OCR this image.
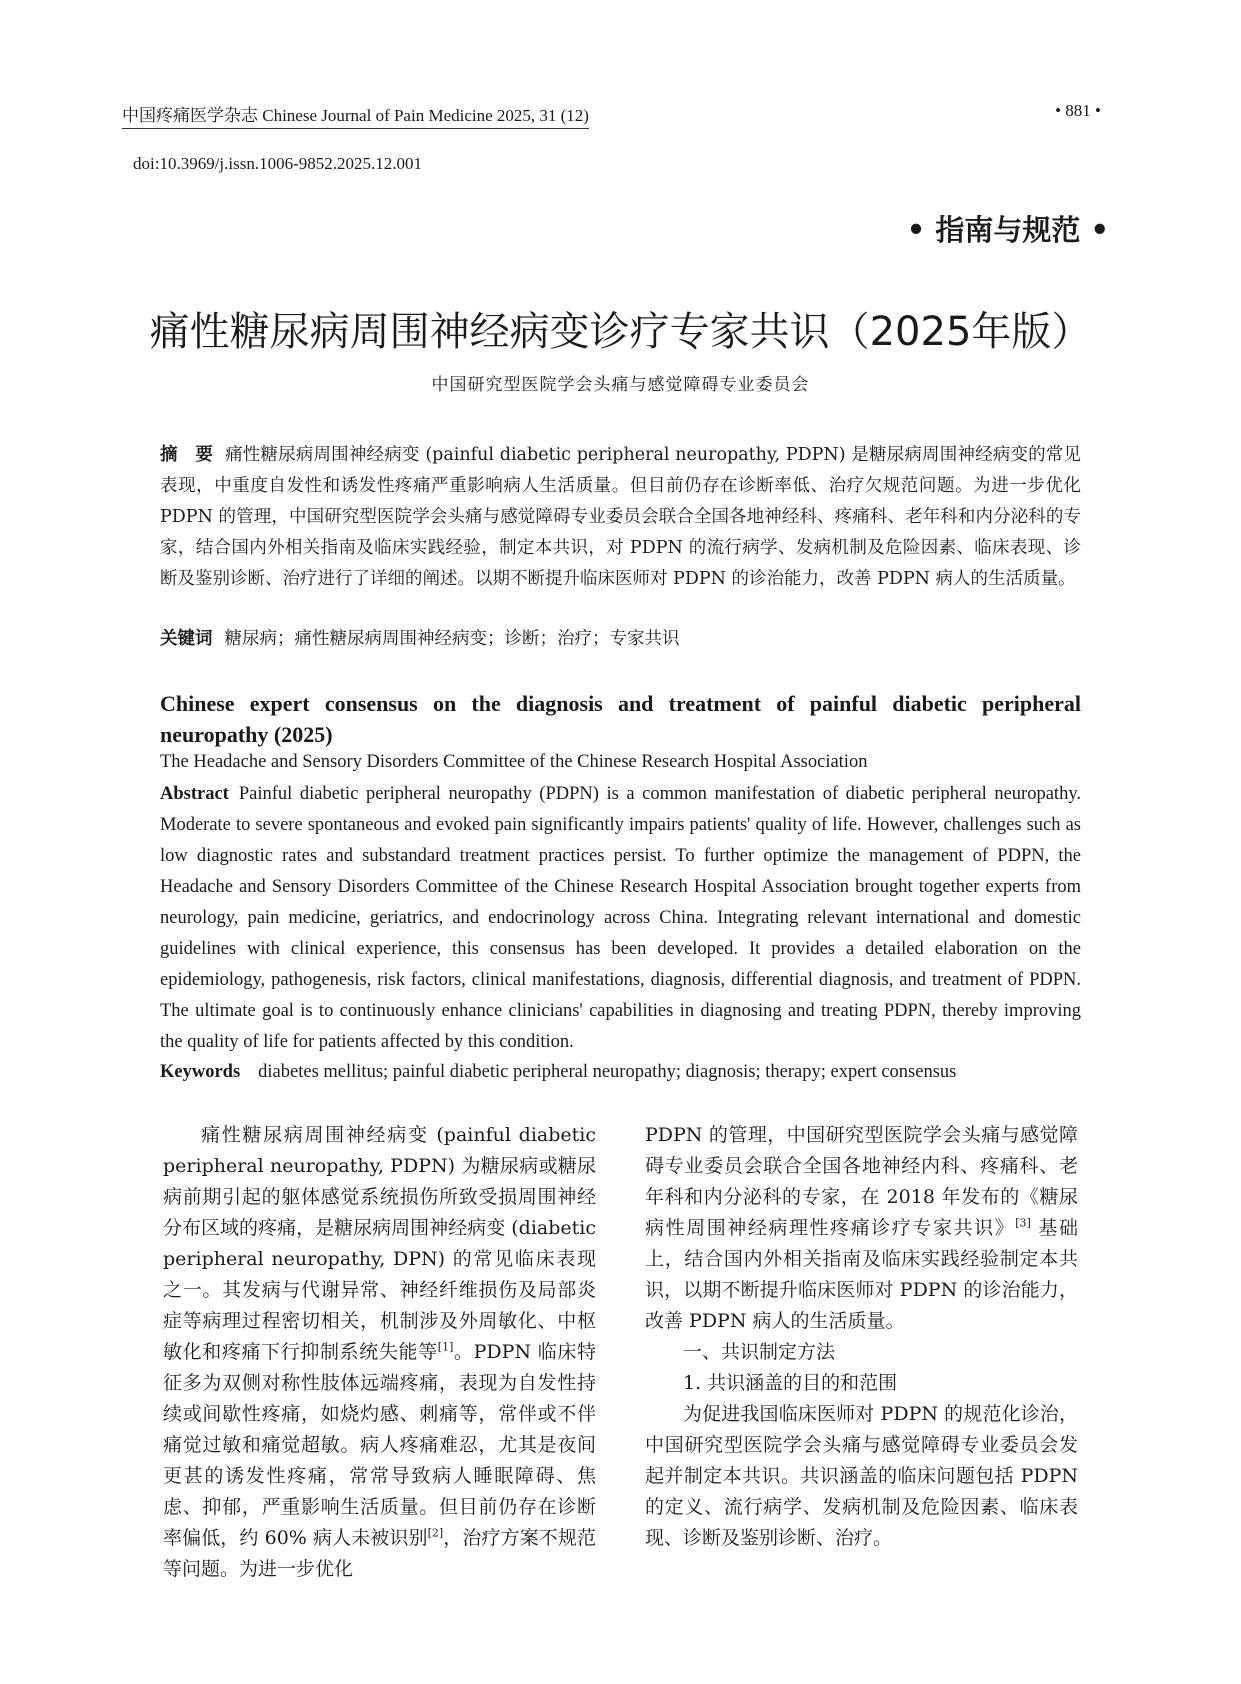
中国疼痛医学杂志 Chinese Journal of Pain Medicine 2025, 31 (12)	• 881 •
doi:10.3969/j.issn.1006-9852.2025.12.001
• 指南与规范 •
痛性糖尿病周围神经病变诊疗专家共识（2025年版）
中国研究型医院学会头痛与感觉障碍专业委员会
摘　要 痛性糖尿病周围神经病变 (painful diabetic peripheral neuropathy, PDPN) 是糖尿病周围神经病变的常见表现，中重度自发性和诱发性疼痛严重影响病人生活质量。但目前仍存在诊断率低、治疗欠规范问题。为进一步优化 PDPN 的管理，中国研究型医院学会头痛与感觉障碍专业委员会联合全国各地神经科、疼痛科、老年科和内分泌科的专家，结合国内外相关指南及临床实践经验，制定本共识，对 PDPN 的流行病学、发病机制及危险因素、临床表现、诊断及鉴别诊断、治疗进行了详细的阐述。以期不断提升临床医师对 PDPN 的诊治能力，改善 PDPN 病人的生活质量。
关键词 糖尿病；痛性糖尿病周围神经病变；诊断；治疗；专家共识
Chinese expert consensus on the diagnosis and treatment of painful diabetic peripheral neuropathy (2025)
The Headache and Sensory Disorders Committee of the Chinese Research Hospital Association
Abstract Painful diabetic peripheral neuropathy (PDPN) is a common manifestation of diabetic peripheral neuropathy. Moderate to severe spontaneous and evoked pain significantly impairs patients' quality of life. However, challenges such as low diagnostic rates and substandard treatment practices persist. To further optimize the management of PDPN, the Headache and Sensory Disorders Committee of the Chinese Research Hospital Association brought together experts from neurology, pain medicine, geriatrics, and endocrinology across China. Integrating relevant international and domestic guidelines with clinical experience, this consensus has been developed. It provides a detailed elaboration on the epidemiology, pathogenesis, risk factors, clinical manifestations, diagnosis, differential diagnosis, and treatment of PDPN. The ultimate goal is to continuously enhance clinicians' capabilities in diagnosing and treating PDPN, thereby improving the quality of life for patients affected by this condition.
Keywords diabetes mellitus; painful diabetic peripheral neuropathy; diagnosis; therapy; expert consensus

痛性糖尿病周围神经病变 (painful diabetic peripheral neuropathy, PDPN) 为糖尿病或糖尿病前期引起的躯体感觉系统损伤所致受损周围神经分布区域的疼痛，是糖尿病周围神经病变 (diabetic peripheral neuropathy, DPN) 的常见临床表现之一。其发病与代谢异常、神经纤维损伤及局部炎症等病理过程密切相关，机制涉及外周敏化、中枢敏化和疼痛下行抑制系统失能等[1]。PDPN 临床特征多为双侧对称性肢体远端疼痛，表现为自发性持续或间歇性疼痛，如烧灼感、刺痛等，常伴或不伴痛觉过敏和痛觉超敏。病人疼痛难忍，尤其是夜间更甚的诱发性疼痛，常常导致病人睡眠障碍、焦虑、抑郁，严重影响生活质量。但目前仍存在诊断率偏低，约 60% 病人未被识别[2]，治疗方案不规范等问题。为进一步优化

PDPN 的管理，中国研究型医院学会头痛与感觉障碍专业委员会联合全国各地神经内科、疼痛科、老年科和内分泌科的专家，在 2018 年发布的《糖尿病性周围神经病理性疼痛诊疗专家共识》[3] 基础上，结合国内外相关指南及临床实践经验制定本共识，以期不断提升临床医师对 PDPN 的诊治能力，改善 PDPN 病人的生活质量。

一、共识制定方法

1. 共识涵盖的目的和范围

为促进我国临床医师对 PDPN 的规范化诊治，中国研究型医院学会头痛与感觉障碍专业委员会发起并制定本共识。共识涵盖的临床问题包括 PDPN 的定义、流行病学、发病机制及危险因素、临床表现、诊断及鉴别诊断、治疗。
